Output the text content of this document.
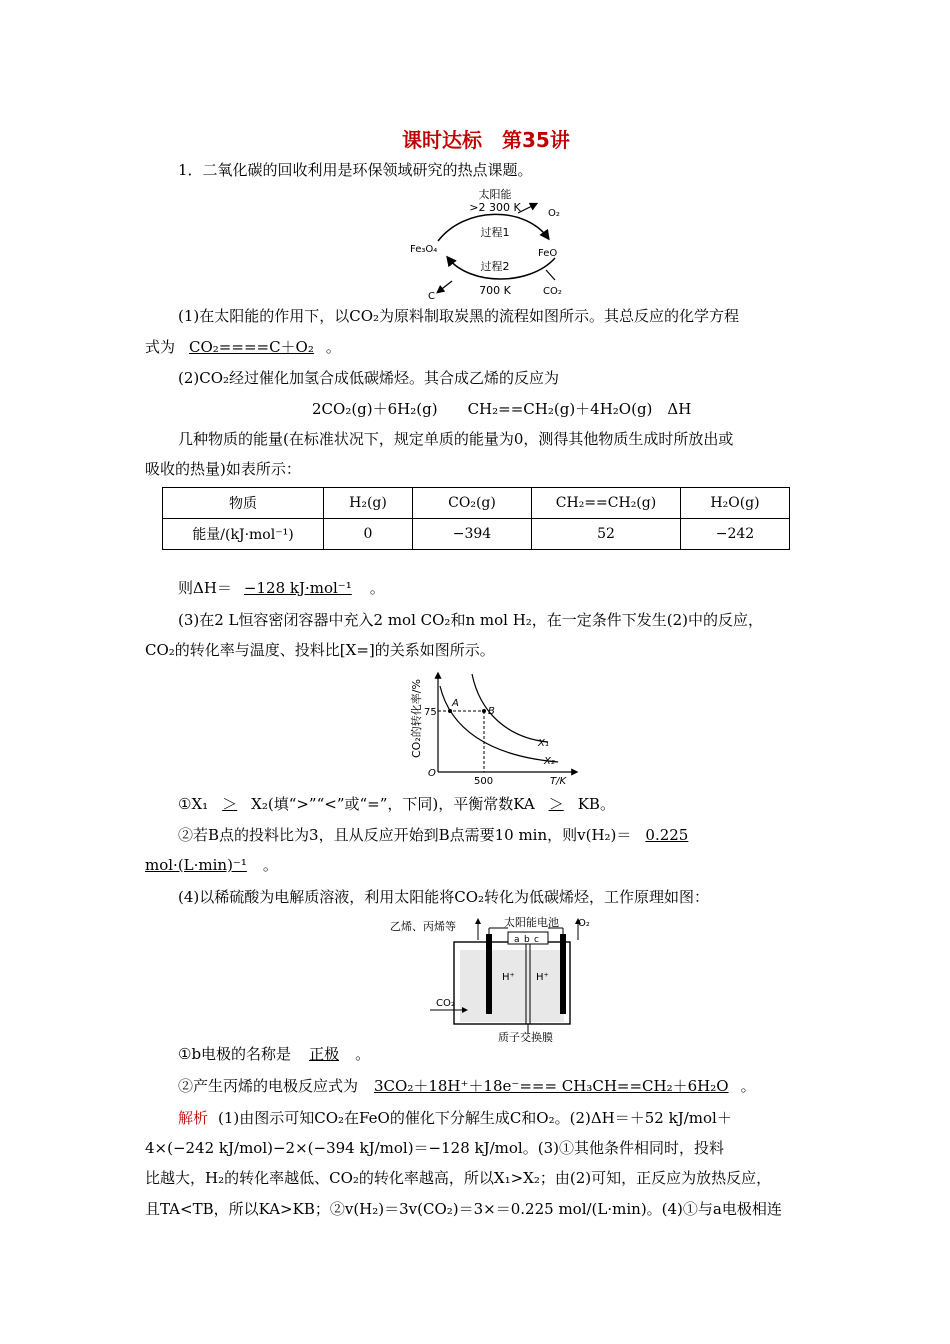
课时达标　第35讲
1．二氧化碳的回收利用是环保领域研究的热点课题。
太阳能
>2 300 K	O₂
过程1
Fe₃O₄	FeO
过程2
700 K
C	CO₂
(1)在太阳能的作用下，以CO₂为原料制取炭黑的流程如图所示。其总反应的化学方程
式为 CO₂====C＋O₂ 。
(2)CO₂经过催化加氢合成低碳烯烃。其合成乙烯的反应为
2CO₂(g)＋6H₂(g)　　CH₂==CH₂(g)＋4H₂O(g)　ΔH
几种物质的能量(在标准状况下，规定单质的能量为0，测得其他物质生成时所放出或
吸收的热量)如表所示：
物质	H₂(g)	CO₂(g)	CH₂==CH₂(g)	H₂O(g)
能量/(kJ·mol⁻¹)	0	−394	52	−242
则ΔH＝ −128 kJ·mol⁻¹ 。
(3)在2 L恒容密闭容器中充入2 mol CO₂和n mol H₂，在一定条件下发生(2)中的反应，
CO₂的转化率与温度、投料比[X=]的关系如图所示。
CO₂的转化率/% 75
O
500	T/K
A
B
X₁
X₂
①X₁ ＞ X₂(填“>”“<”或“=”，下同)，平衡常数KA ＞ KB。
②若B点的投料比为3，且从反应开始到B点需要10 min，则v(H₂)＝ 0.225
mol·(L·min)⁻¹ 。
(4)以稀硫酸为电解质溶液，利用太阳能将CO₂转化为低碳烯烃，工作原理如图：
乙烯、丙烯等	太阳能电池
a b c
O₂
H⁺ H⁺
CO₂
质子交换膜
①b电极的名称是 正极 。
②产生丙烯的电极反应式为 3CO₂＋18H⁺＋18e⁻=== CH₃CH==CH₂＋6H₂O 。
解析 (1)由图示可知CO₂在FeO的催化下分解生成C和O₂。(2)ΔH＝＋52 kJ/mol＋
4×(−242 kJ/mol)−2×(−394 kJ/mol)＝−128 kJ/mol。(3)①其他条件相同时，投料
比越大，H₂的转化率越低、CO₂的转化率越高，所以X₁>X₂；由(2)可知，正反应为放热反应，
且TA<TB，所以KA>KB；②v(H₂)＝3v(CO₂)＝3×＝0.225 mol/(L·min)。(4)①与a电极相连
